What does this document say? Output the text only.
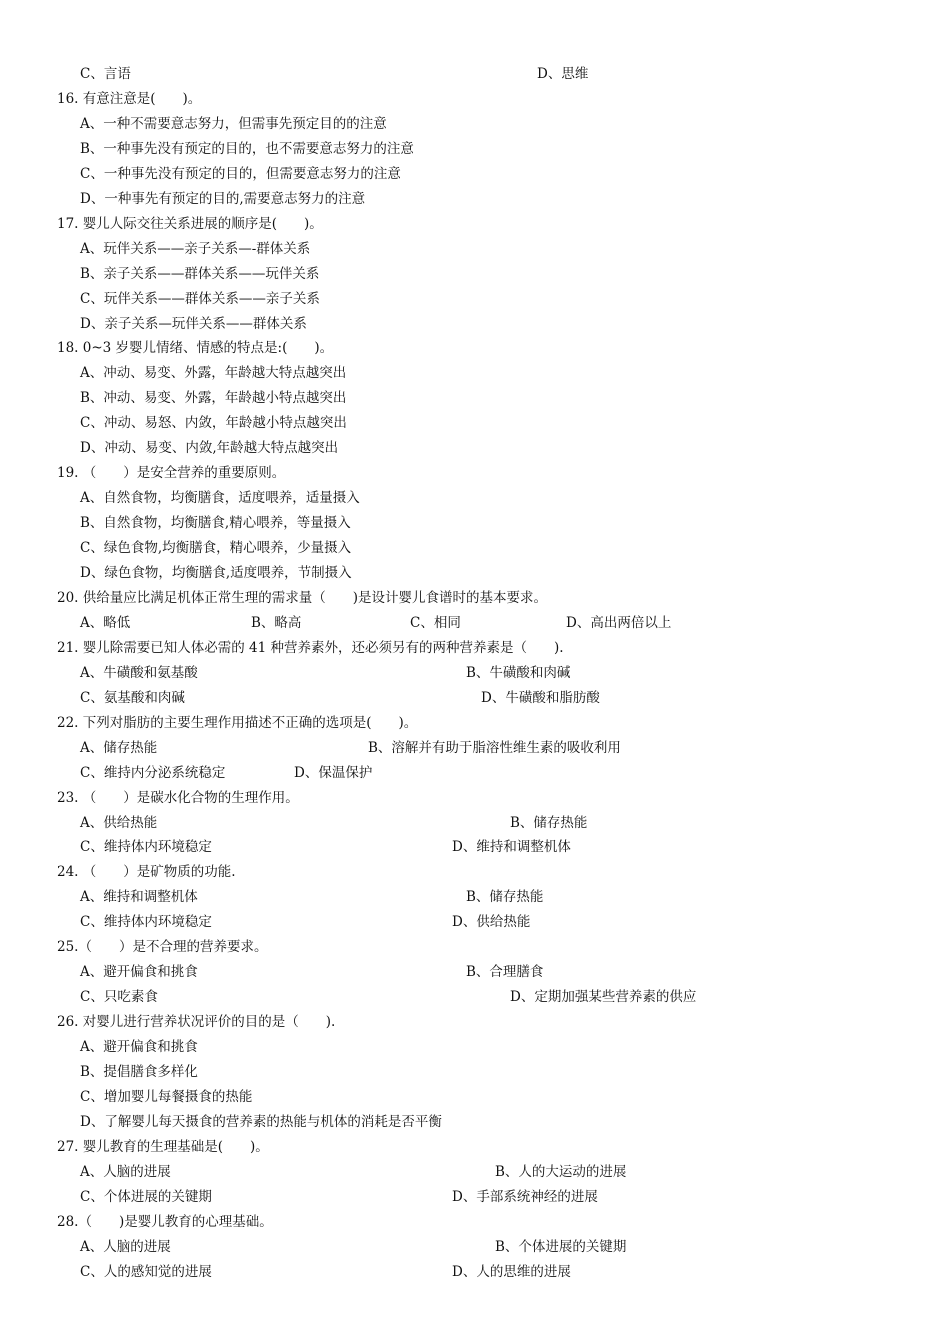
C、言语	D、思维
16. 有意注意是(　　)。
A、一种不需要意志努力，但需事先预定目的的注意
B、一种事先没有预定的目的，也不需要意志努力的注意
C、一种事先没有预定的目的，但需要意志努力的注意
D、一种事先有预定的目的,需要意志努力的注意
17. 婴儿人际交往关系进展的顺序是(　　)。
A、玩伴关系——亲子关系—-群体关系
B、亲子关系——群体关系——玩伴关系
C、玩伴关系——群体关系——亲子关系
D、亲子关系—玩伴关系——群体关系
18. 0~3 岁婴儿情绪、情感的特点是:(　　)。
A、冲动、易变、外露，年龄越大特点越突出
B、冲动、易变、外露，年龄越小特点越突出
C、冲动、易怒、内敛，年龄越小特点越突出
D、冲动、易变、内敛,年龄越大特点越突出
19. （　　）是安全营养的重要原则。
A、自然食物，均衡膳食，适度喂养，适量摄入
B、自然食物，均衡膳食,精心喂养，等量摄入
C、绿色食物,均衡膳食，精心喂养，少量摄入
D、绿色食物，均衡膳食,适度喂养，节制摄入
20. 供给量应比满足机体正常生理的需求量（　　)是设计婴儿食谱时的基本要求。
A、略低	B、略高	C、相同	D、高出两倍以上
21. 婴儿除需要已知人体必需的 41 种营养素外，还必须另有的两种营养素是（　　).
A、牛磺酸和氨基酸	B、牛磺酸和肉碱
C、氨基酸和肉碱	D、牛磺酸和脂肪酸
22. 下列对脂肪的主要生理作用描述不正确的选项是(　　)。
A、储存热能	B、溶解并有助于脂溶性维生素的吸收利用
C、维持内分泌系统稳定	D、保温保护
23. （　　）是碳水化合物的生理作用。
A、供给热能	B、储存热能
C、维持体内环境稳定	D、维持和调整机体
24. （　　）是矿物质的功能.
A、维持和调整机体	B、储存热能
C、维持体内环境稳定	D、供给热能
25.（　　）是不合理的营养要求。
A、避开偏食和挑食	B、合理膳食
C、只吃素食	D、定期加强某些营养素的供应
26. 对婴儿进行营养状况评价的目的是（　　).
A、避开偏食和挑食
B、提倡膳食多样化
C、增加婴儿每餐摄食的热能
D、了解婴儿每天摄食的营养素的热能与机体的消耗是否平衡
27. 婴儿教育的生理基础是(　　)。
A、人脑的进展	B、人的大运动的进展
C、个体进展的关键期	D、手部系统神经的进展
28.（　　)是婴儿教育的心理基础。
A、人脑的进展	B、个体进展的关键期
C、人的感知觉的进展	D、人的思维的进展
